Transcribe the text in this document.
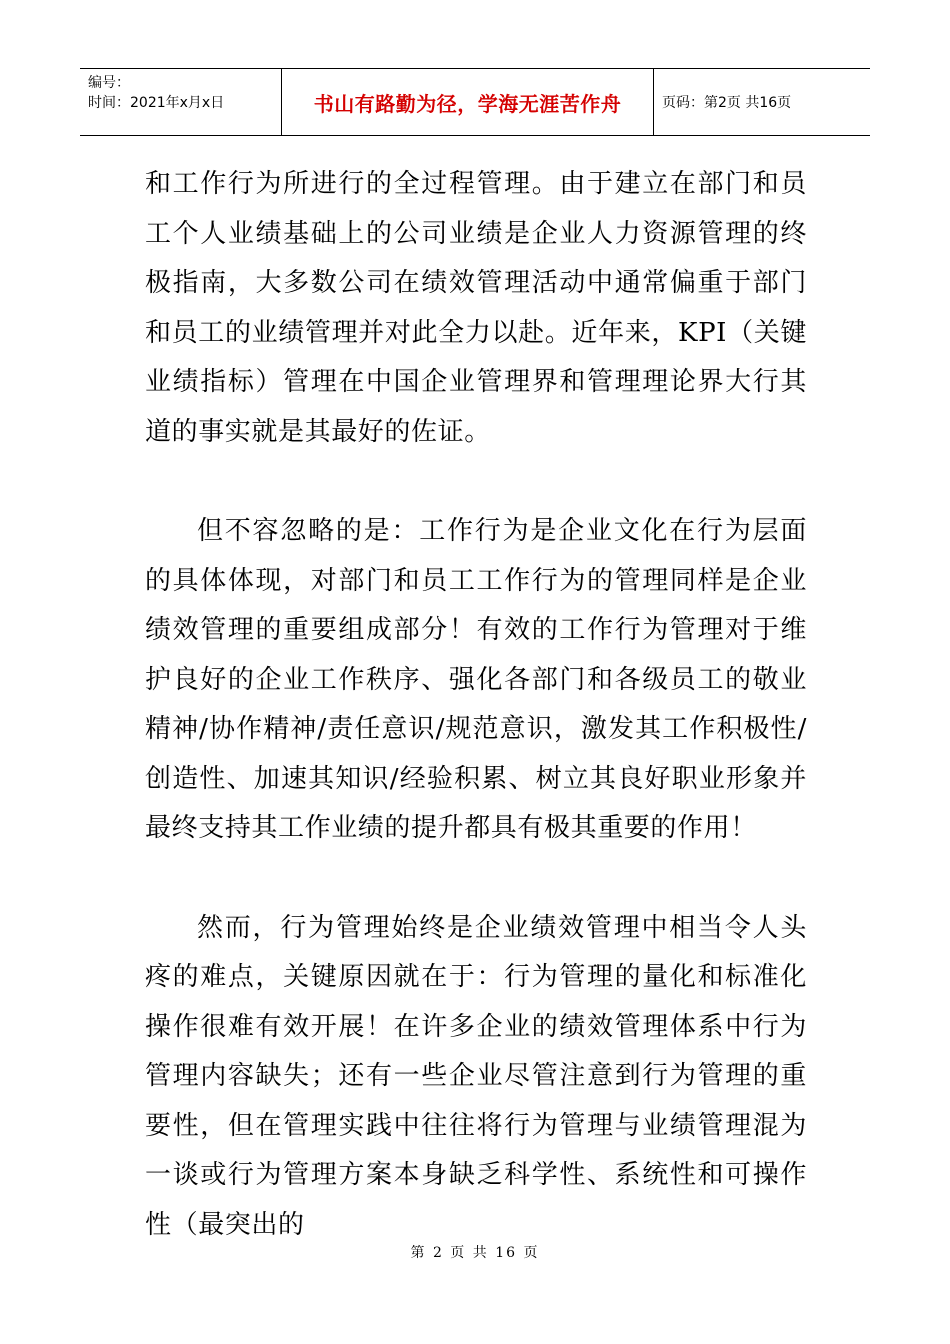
编号：
时间：2021年x月x日	书山有路勤为径，学海无涯苦作舟	页码：第2页 共16页

和工作行为所进行的全过程管理。由于建立在部门和员工个人业绩基础上的公司业绩是企业人力资源管理的终极指南，大多数公司在绩效管理活动中通常偏重于部门和员工的业绩管理并对此全力以赴。近年来，KPI（关键业绩指标）管理在中国企业管理界和管理理论界大行其道的事实就是其最好的佐证。

但不容忽略的是：工作行为是企业文化在行为层面的具体体现，对部门和员工工作行为的管理同样是企业绩效管理的重要组成部分！有效的工作行为管理对于维护良好的企业工作秩序、强化各部门和各级员工的敬业精神/协作精神/责任意识/规范意识，激发其工作积极性/创造性、加速其知识/经验积累、树立其良好职业形象并最终支持其工作业绩的提升都具有极其重要的作用！

然而，行为管理始终是企业绩效管理中相当令人头疼的难点，关键原因就在于：行为管理的量化和标准化操作很难有效开展！在许多企业的绩效管理体系中行为管理内容缺失；还有一些企业尽管注意到行为管理的重要性，但在管理实践中往往将行为管理与业绩管理混为一谈或行为管理方案本身缺乏科学性、系统性和可操作性（最突出的

第 2 页 共 16 页
